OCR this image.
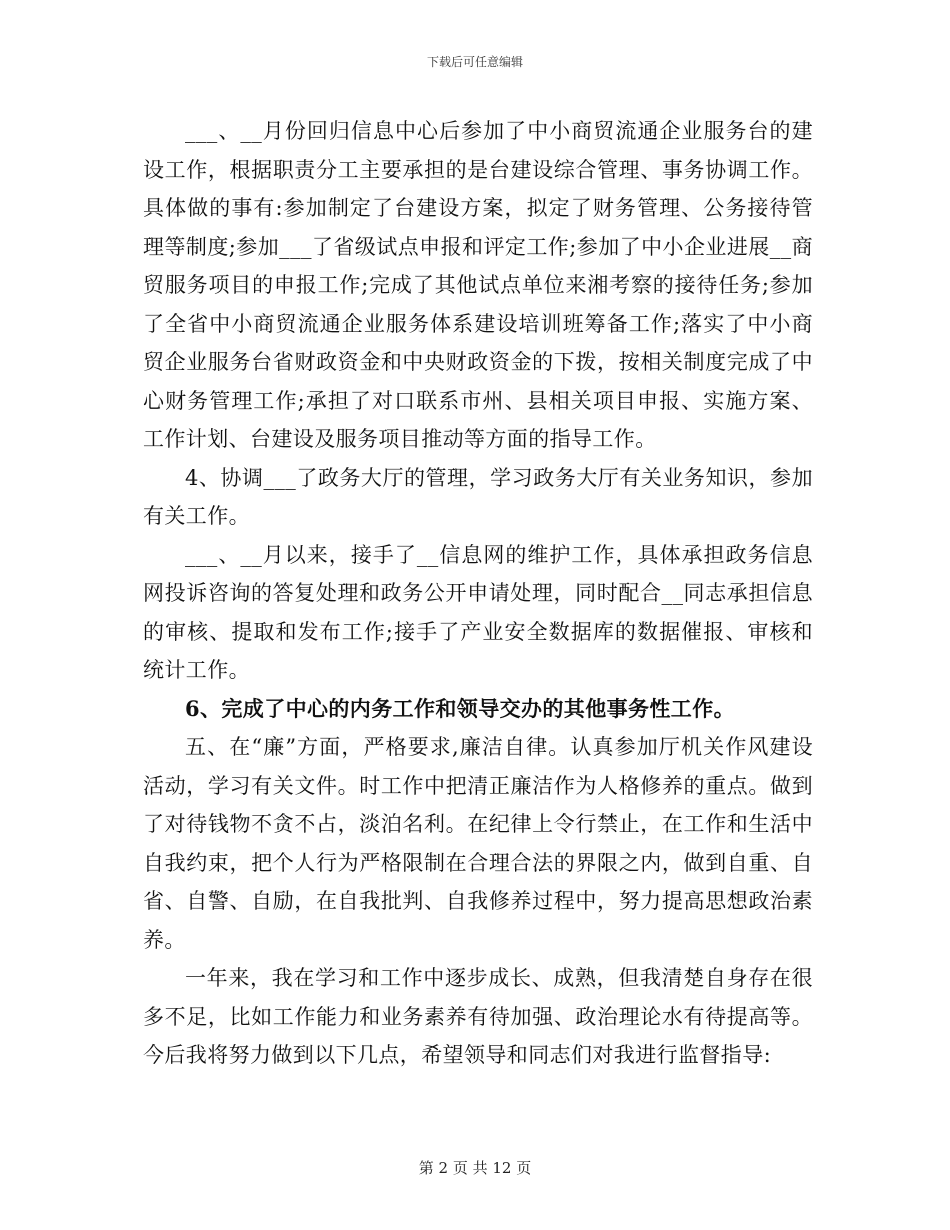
下载后可任意编辑

___、__月份回归信息中心后参加了中小商贸流通企业服务台的建设工作，根据职责分工主要承担的是台建设综合管理、事务协调工作。具体做的事有:参加制定了台建设方案，拟定了财务管理、公务接待管理等制度;参加___了省级试点申报和评定工作;参加了中小企业进展__商贸服务项目的申报工作;完成了其他试点单位来湘考察的接待任务;参加了全省中小商贸流通企业服务体系建设培训班筹备工作;落实了中小商贸企业服务台省财政资金和中央财政资金的下拨，按相关制度完成了中心财务管理工作;承担了对口联系市州、县相关项目申报、实施方案、工作计划、台建设及服务项目推动等方面的指导工作。

4、协调___了政务大厅的管理，学习政务大厅有关业务知识，参加有关工作。

___、__月以来，接手了__信息网的维护工作，具体承担政务信息网投诉咨询的答复处理和政务公开申请处理，同时配合__同志承担信息的审核、提取和发布工作;接手了产业安全数据库的数据催报、审核和统计工作。

6、完成了中心的内务工作和领导交办的其他事务性工作。

五、在“廉”方面，严格要求,廉洁自律。认真参加厅机关作风建设活动，学习有关文件。时工作中把清正廉洁作为人格修养的重点。做到了对待钱物不贪不占，淡泊名利。在纪律上令行禁止，在工作和生活中自我约束，把个人行为严格限制在合理合法的界限之内，做到自重、自省、自警、自励，在自我批判、自我修养过程中，努力提高思想政治素养。

一年来，我在学习和工作中逐步成长、成熟，但我清楚自身存在很多不足，比如工作能力和业务素养有待加强、政治理论水有待提高等。今后我将努力做到以下几点，希望领导和同志们对我进行监督指导:

第 2 页 共 12 页
